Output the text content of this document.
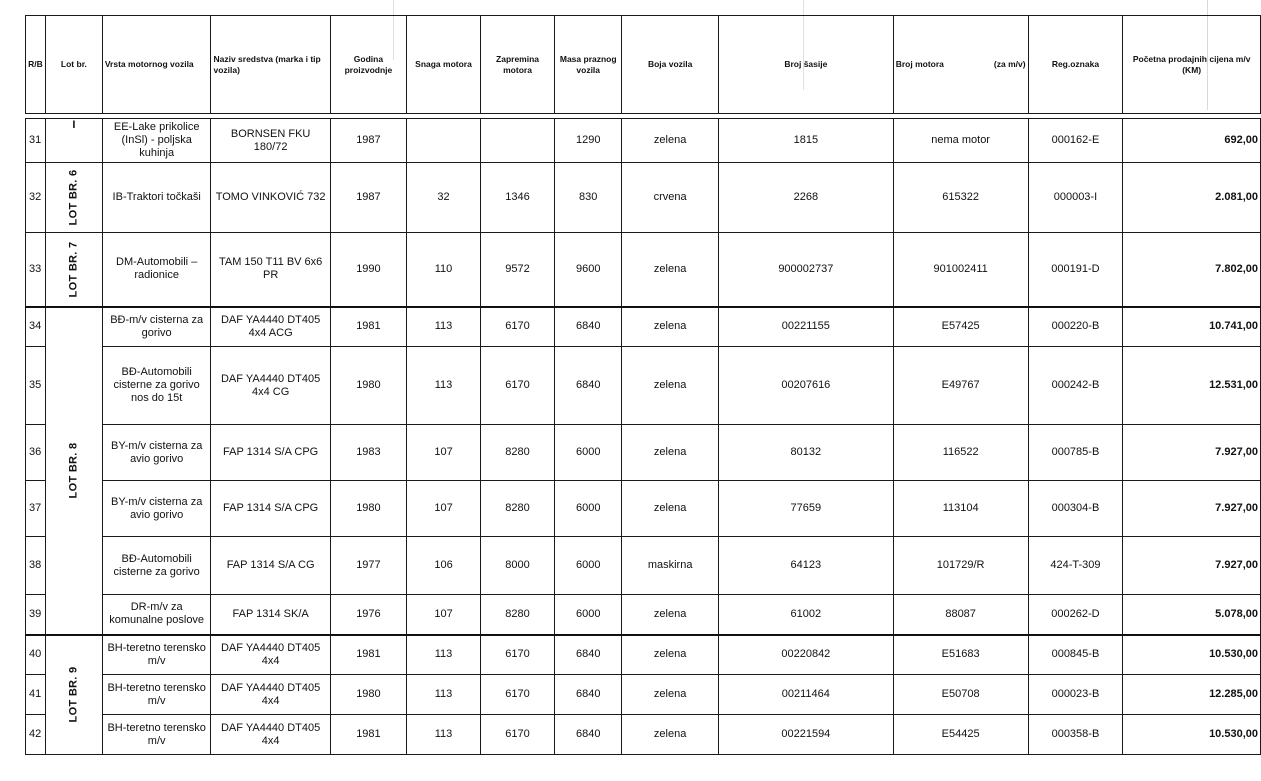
R/B	Lot br.	Vrsta motornog vozila	Naziv sredstva (marka i tip vozila)	Godina proizvodnje	Snaga motora	Zapremina motora	Masa praznog vozila	Boja vozila	Broj šasije	Broj motora (za m/v)	Reg.oznaka	Početna prodajnih cijena m/v (KM)

31	I	EE-Lake prikolice (InSl) - poljska kuhinja	BORNSEN FKU 180/72	1987			1290	zelena	1815	nema motor	000162-E	692,00
32	LOT BR. 6	IB-Traktori točkaši	TOMO VINKOVIĆ 732	1987	32	1346	830	crvena	2268	615322	000003-I	2.081,00
33	LOT BR. 7	DM-Automobili – radionice	TAM 150 T11 BV 6x6 PR	1990	110	9572	9600	zelena	900002737	901002411	000191-D	7.802,00
34	LOT BR. 8	BĐ-m/v cisterna za gorivo	DAF YA4440 DT405 4x4 ACG	1981	113	6170	6840	zelena	00221155	E57425	000220-B	10.741,00
35		BĐ-Automobili cisterne za gorivo nos do 15t	DAF YA4440 DT405 4x4 CG	1980	113	6170	6840	zelena	00207616	E49767	000242-B	12.531,00
36		BY-m/v cisterna za avio gorivo	FAP 1314 S/A CPG	1983	107	8280	6000	zelena	80132	116522	000785-B	7.927,00
37		BY-m/v cisterna za avio gorivo	FAP 1314 S/A CPG	1980	107	8280	6000	zelena	77659	113104	000304-B	7.927,00
38		BĐ-Automobili cisterne za gorivo	FAP 1314 S/A CG	1977	106	8000	6000	maskirna	64123	101729/R	424-T-309	7.927,00
39		DR-m/v za komunalne poslove	FAP 1314 SK/A	1976	107	8280	6000	zelena	61002	88087	000262-D	5.078,00
40	LOT BR. 9	BH-teretno terensko m/v	DAF YA4440 DT405 4x4	1981	113	6170	6840	zelena	00220842	E51683	000845-B	10.530,00
41		BH-teretno terensko m/v	DAF YA4440 DT405 4x4	1980	113	6170	6840	zelena	00211464	E50708	000023-B	12.285,00
42		BH-teretno terensko m/v	DAF YA4440 DT405 4x4	1981	113	6170	6840	zelena	00221594	E54425	000358-B	10.530,00
